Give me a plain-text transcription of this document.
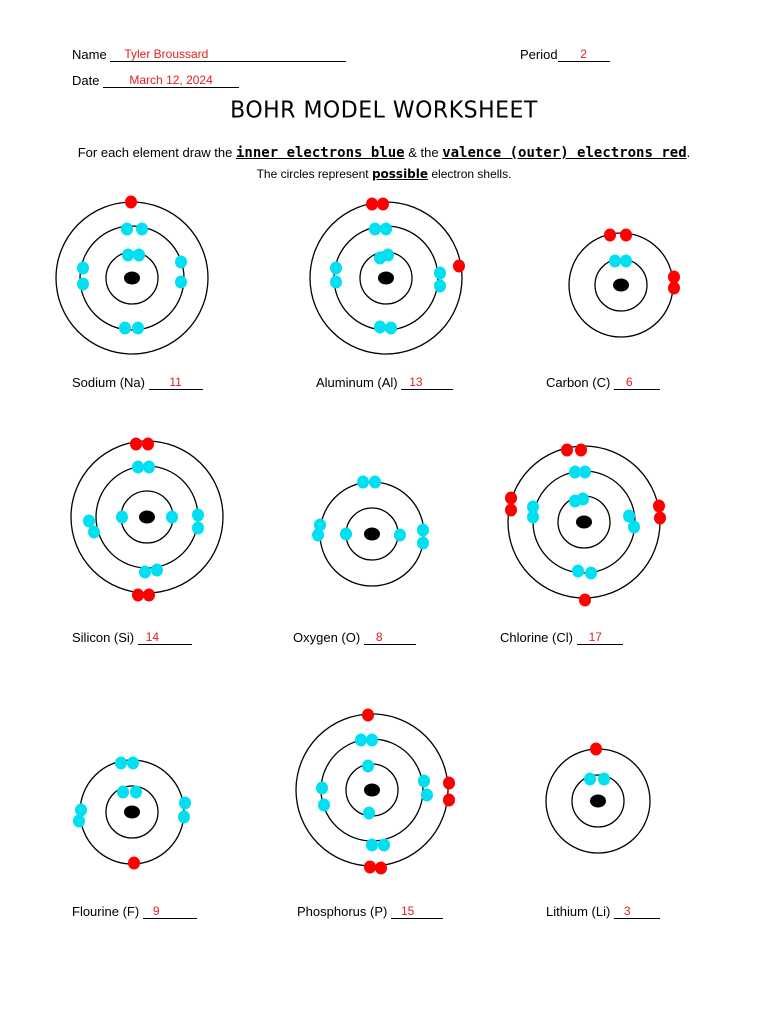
Name Tyler Broussard	Period	2
Date	March 12, 2024
BOHR MODEL WORKSHEET
For each element draw the inner electrons blue & the valence (outer) electrons red.
The circles represent possible electron shells.
Sodium (Na)	11	Aluminum (Al) 13	Carbon (C) 6
Silicon (Si) 14	Oxygen (O) 8	Chlorine (Cl) 17
Flourine (F) 9	Phosphorus (P) 15	Lithium (Li) 3
